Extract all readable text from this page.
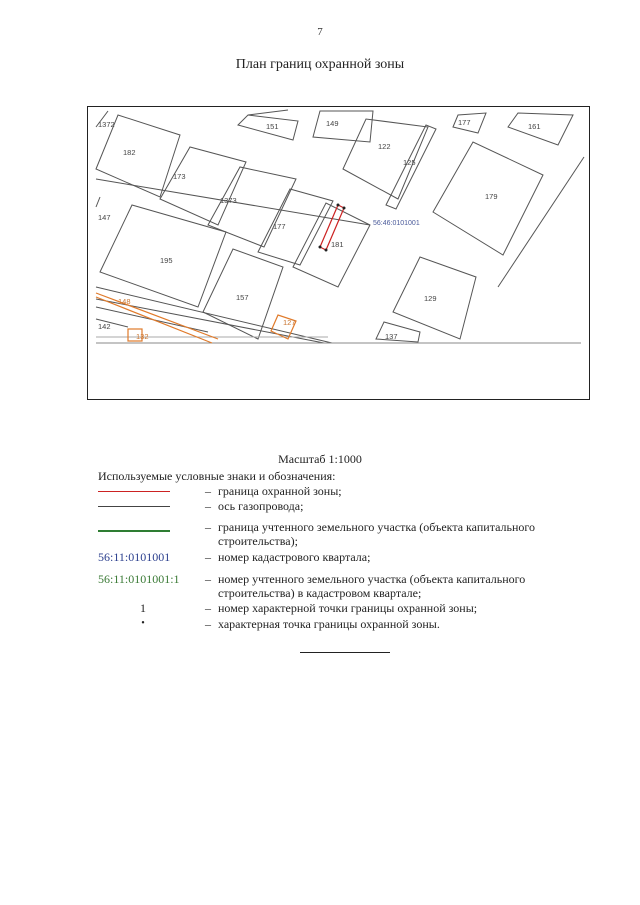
7
План границ охранной зоны
1372
182
151	149
122
125
177	161
173
1373
177
181
179
147
195
157	129
148
142	127
137
132
56:46:0101001
Масштаб 1:1000
Используемые условные знаки и обозначения:
– граница охранной зоны;
– ось газопровода;
– граница учтенного земельного участка (объекта капитального строительства);
56:11:0101001	– номер кадастрового квартала;
56:11:0101001:1	– номер учтенного земельного участка (объекта капитального строительства) в кадастровом квартале;
1	– номер характерной точки границы охранной зоны;
•	– характерная точка границы охранной зоны.
